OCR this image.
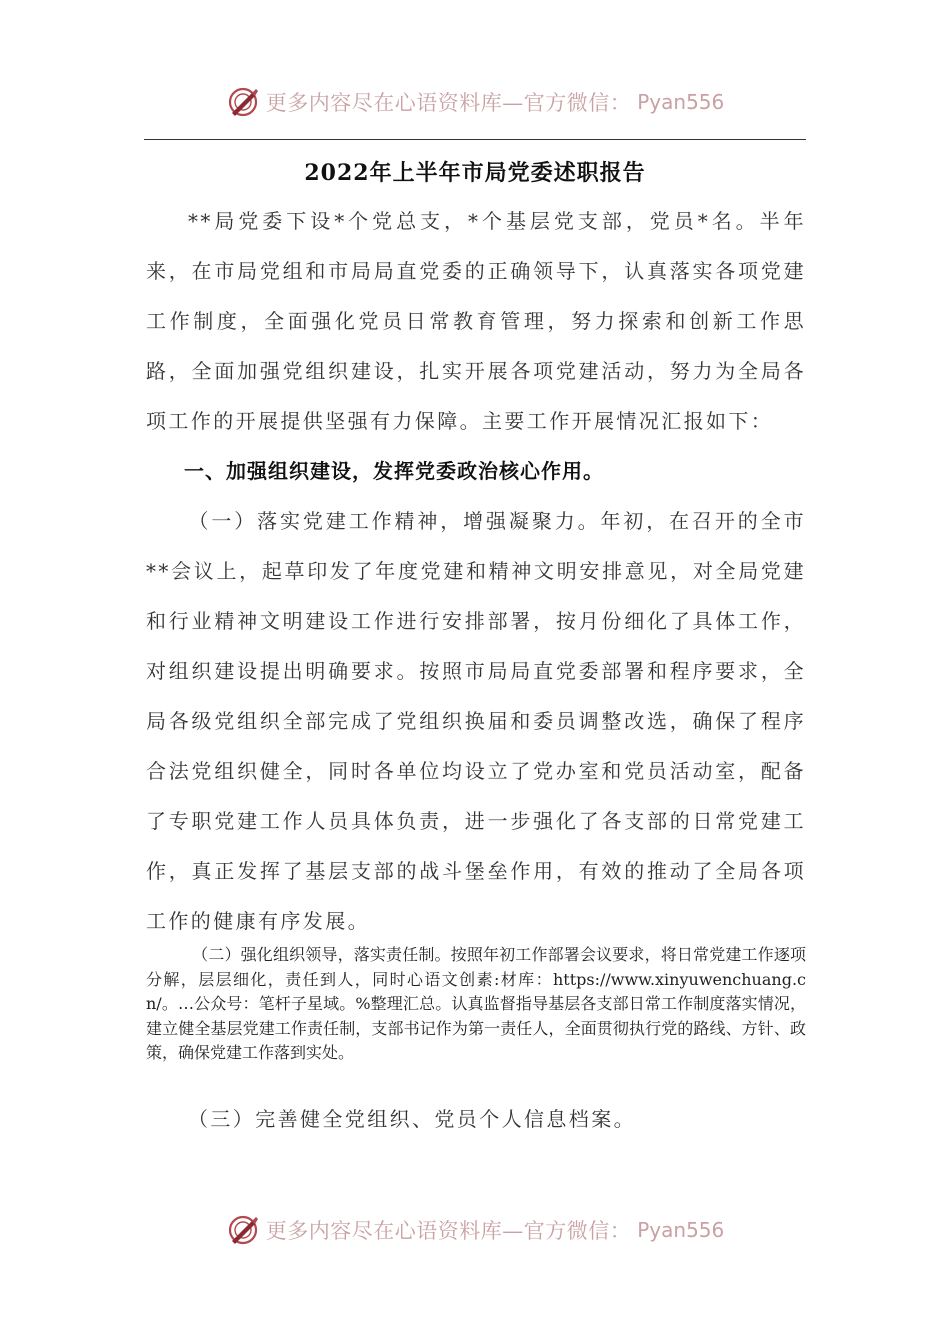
更多内容尽在心语资料库—官方微信： Pyan556
2022年上半年市局党委述职报告

**局党委下设*个党总支，*个基层党支部，党员*名。半年来，在市局党组和市局局直党委的正确领导下，认真落实各项党建工作制度，全面强化党员日常教育管理，努力探索和创新工作思路，全面加强党组织建设，扎实开展各项党建活动，努力为全局各项工作的开展提供坚强有力保障。主要工作开展情况汇报如下：

一、加强组织建设，发挥党委政治核心作用。

（一）落实党建工作精神，增强凝聚力。年初，在召开的全市**会议上，起草印发了年度党建和精神文明安排意见，对全局党建和行业精神文明建设工作进行安排部署，按月份细化了具体工作，对组织建设提出明确要求。按照市局局直党委部署和程序要求，全局各级党组织全部完成了党组织换届和委员调整改选，确保了程序合法党组织健全，同时各单位均设立了党办室和党员活动室，配备了专职党建工作人员具体负责，进一步强化了各支部的日常党建工作，真正发挥了基层支部的战斗堡垒作用，有效的推动了全局各项工作的健康有序发展。

（二）强化组织领导，落实责任制。按照年初工作部署会议要求，将日常党建工作逐项分解，层层细化，责任到人，同时心语文创素:材库：https://www.xinyuwenchuang.cn/。…公众号：笔杆子星域。%整理汇总。认真监督指导基层各支部日常工作制度落实情况，建立健全基层党建工作责任制，支部书记作为第一责任人，全面贯彻执行党的路线、方针、政策，确保党建工作落到实处。

（三）完善健全党组织、党员个人信息档案。

更多内容尽在心语资料库—官方微信： Pyan556
